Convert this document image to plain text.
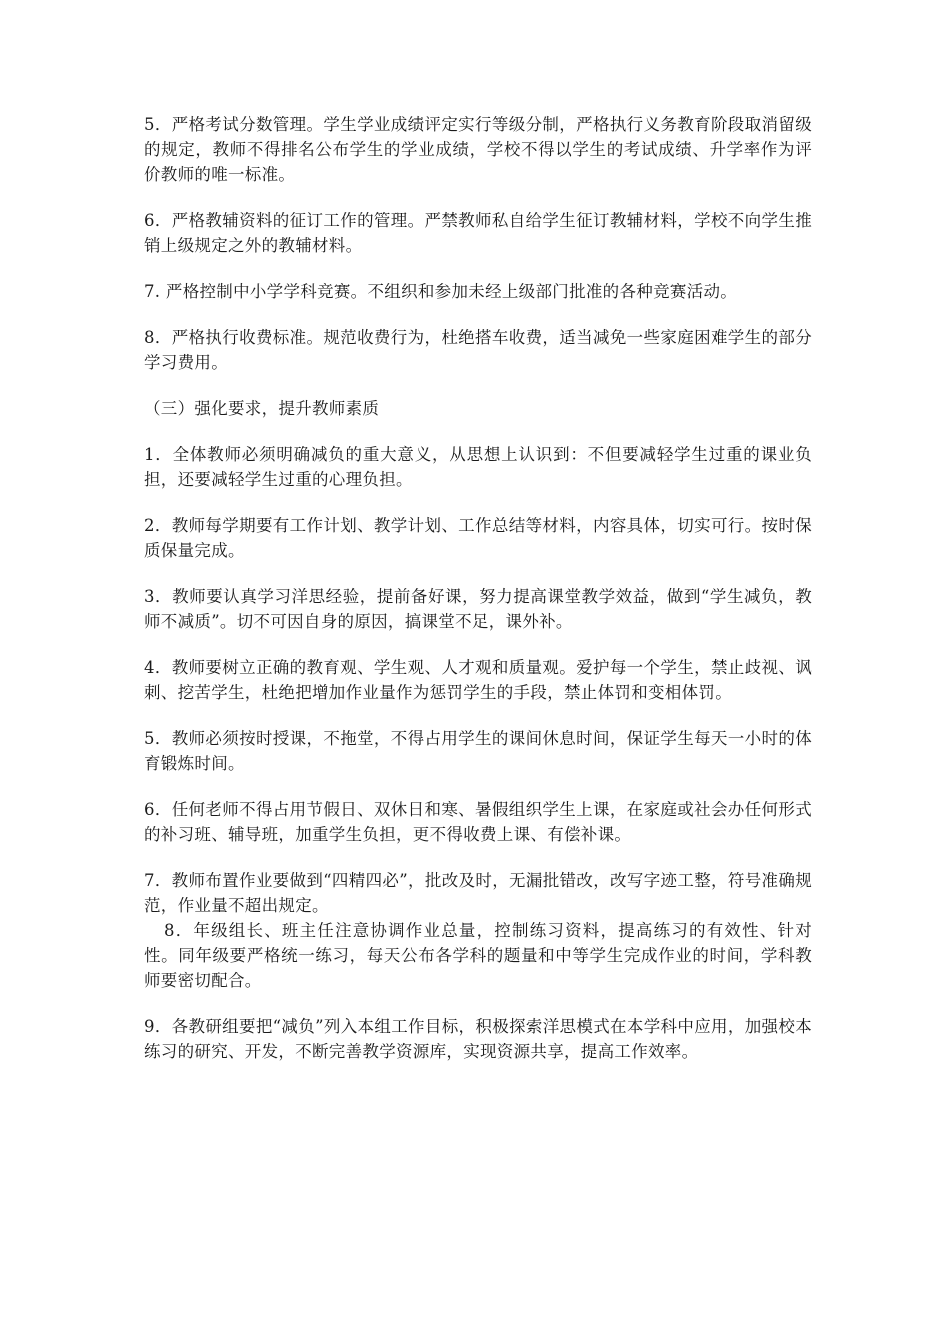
5．严格考试分数管理。学生学业成绩评定实行等级分制，严格执行义务教育阶段取消留级的规定，教师不得排名公布学生的学业成绩，学校不得以学生的考试成绩、升学率作为评价教师的唯一标准。

6．严格教辅资料的征订工作的管理。严禁教师私自给学生征订教辅材料，学校不向学生推销上级规定之外的教辅材料。

7. 严格控制中小学学科竞赛。不组织和参加未经上级部门批准的各种竞赛活动。

8．严格执行收费标准。规范收费行为，杜绝搭车收费，适当减免一些家庭困难学生的部分学习费用。

（三）强化要求，提升教师素质

1．全体教师必须明确减负的重大意义，从思想上认识到：不但要减轻学生过重的课业负担，还要减轻学生过重的心理负担。

2．教师每学期要有工作计划、教学计划、工作总结等材料，内容具体，切实可行。按时保质保量完成。

3．教师要认真学习洋思经验，提前备好课，努力提高课堂教学效益，做到“学生减负，教师不减质”。切不可因自身的原因，搞课堂不足，课外补。

4．教师要树立正确的教育观、学生观、人才观和质量观。爱护每一个学生，禁止歧视、讽刺、挖苦学生，杜绝把增加作业量作为惩罚学生的手段，禁止体罚和变相体罚。

5．教师必须按时授课，不拖堂，不得占用学生的课间休息时间，保证学生每天一小时的体育锻炼时间。

6．任何老师不得占用节假日、双休日和寒、暑假组织学生上课，在家庭或社会办任何形式的补习班、辅导班，加重学生负担，更不得收费上课、有偿补课。

7．教师布置作业要做到“四精四必”，批改及时，无漏批错改，改写字迹工整，符号准确规范，作业量不超出规定。

8．年级组长、班主任注意协调作业总量，控制练习资料，提高练习的有效性、针对性。同年级要严格统一练习，每天公布各学科的题量和中等学生完成作业的时间，学科教师要密切配合。

9．各教研组要把“减负”列入本组工作目标，积极探索洋思模式在本学科中应用，加强校本练习的研究、开发，不断完善教学资源库，实现资源共享，提高工作效率。
